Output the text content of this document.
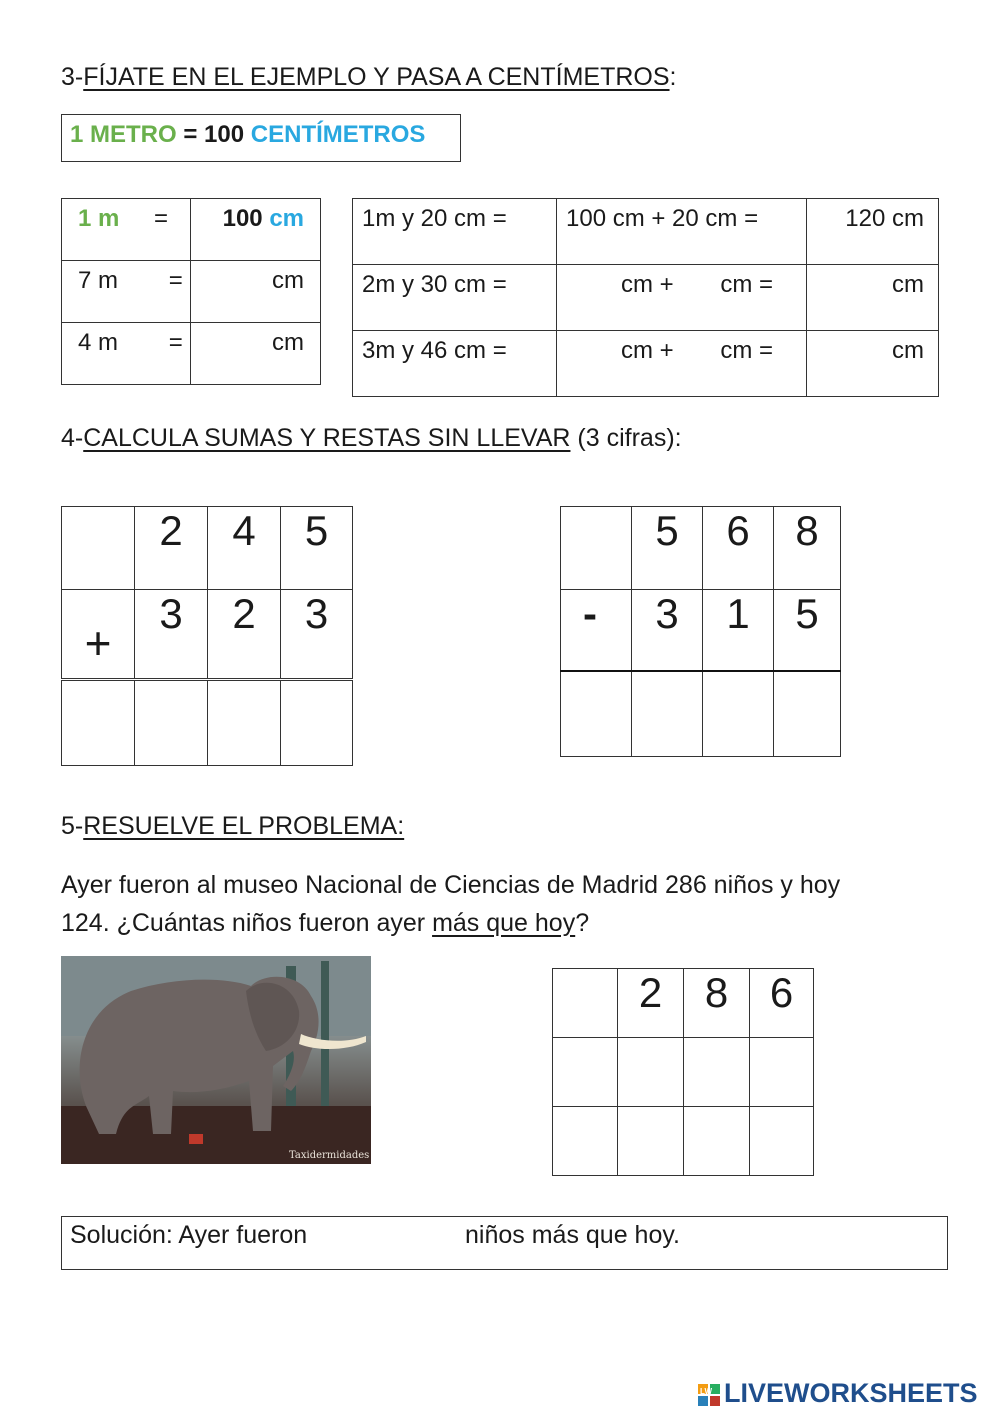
3-FÍJATE EN EL EJEMPLO Y PASA A CENTÍMETROS:
1 METRO = 100 CENTÍMETROS
1 m =	100 cm
7 m =	cm
4 m =	cm
1m y 20 cm =	100 cm + 20 cm =	120 cm
2m y 30 cm =	cm + cm =	cm
3m y 46 cm =	cm + cm =	cm
4-CALCULA SUMAS Y RESTAS SIN LLEVAR (3 cifras):
	2	4	5
+	3	2	3

	5	6	8
-	3	1	5

5-RESUELVE EL PROBLEMA:
Ayer fueron al museo Nacional de Ciencias de Madrid 286 niños y hoy
124. ¿Cuántas niños fueron ayer más que hoy?
Taxidermidades
	2	8	6

Solución: Ayer fueron	niños más que hoy.
LW LIVEWORKSHEETS
